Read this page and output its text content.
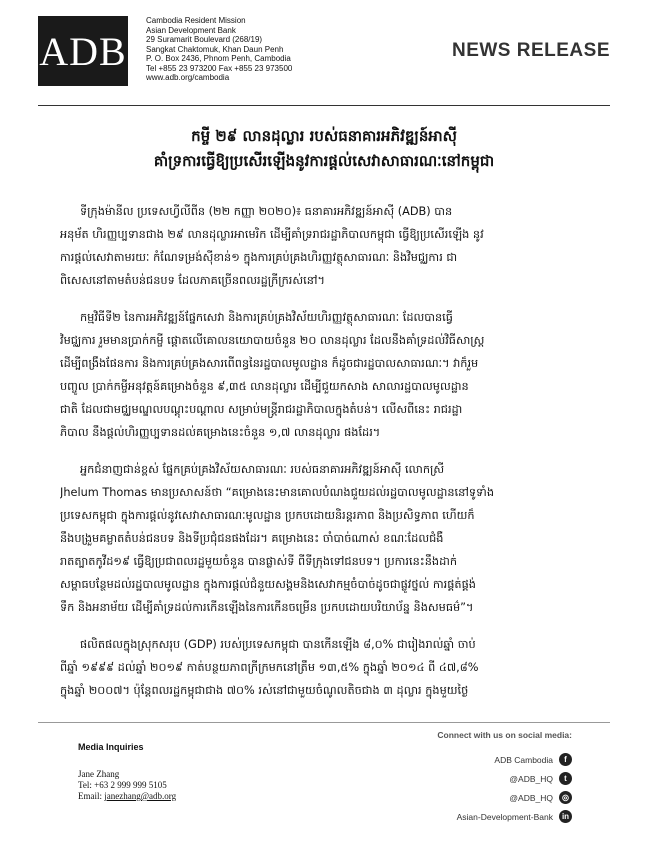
ADB
Cambodia Resident Mission
Asian Development Bank
29 Suramarit Boulevard (268/19)
Sangkat Chaktomuk, Khan Daun Penh
P. O. Box 2436, Phnom Penh, Cambodia
Tel +855 23 973200 Fax +855 23 973500
www.adb.org/cambodia
NEWS RELEASE
កម្ចី ២៩ លានដុល្លារ របស់ធនាគារអភិវឌ្ឍន៍អាស៊ី
គាំទ្រការធ្វើឱ្យប្រសើរឡើងនូវការផ្តល់សេវាសាធារណៈនៅកម្ពុជា
ទីក្រុងម៉ានីល ប្រទេសហ្វីលីពីន (២២ កញ្ញា ២០២០)៖ ធនាគារអភិវឌ្ឍន៍អាស៊ី (ADB) បាន
អនុម័ត ហិរញ្ញប្បទានជាង ២៩ លានដុល្លារអាមេរិក ដើម្បីគាំទ្ររាជរដ្ឋាភិបាលកម្ពុជា ធ្វើឱ្យប្រសើរឡើង នូវ
ការផ្តល់សេវាតាមរយៈ កំណែទម្រង់ស៊ីខាន់១ ក្នុងការគ្រប់គ្រងហិរញ្ញវត្ថុសាធារណៈ និងវិមជ្ឈការ ជា
ពិសេសនៅតាមតំបន់ជនបទ ដែលភាគច្រើនពលរដ្ឋក្រីក្ររស់នៅ។
កម្មវិធីទី២ នៃការអភិវឌ្ឍន៍ផ្នែកសេវា និងការគ្រប់គ្រងវិស័យហិរញ្ញវត្ថុសាធារណៈ ដែលបានធ្វើ
វិមជ្ឈការ រួមមានប្រាក់កម្ចី ផ្តោតលើគោលនយោបាយចំនួន ២០ លានដុល្លារ ដែលនឹងគាំទ្រដល់វិធីសាស្ត្រ
ដើម្បីពង្រឹងផែនការ និងការគ្រប់គ្រងសារពើពន្ធនៃរដ្ឋបាលមូលដ្ឋាន ក៏ដូចជារដ្ឋបាលសាធារណៈ។ វាក៏រួម
បញ្ចូល ប្រាក់កម្ចីអនុវត្តន៍គម្រោងចំនួន ៩,៣៥ លានដុល្លារ ដើម្បីជួយកសាង សាលារដ្ឋបាលមូលដ្ឋាន
ជាតិ ដែលជាមជ្ឈមណ្ឌលបណ្តុះបណ្តាល សម្រាប់មន្ត្រីរាជរដ្ឋាភិបាលក្នុងតំបន់។ លើសពីនេះ រាជរដ្ឋា
ភិបាល នឹងផ្តល់ហិរញ្ញប្បទានដល់គម្រោងនេះចំនួន ១,៧ លានដុល្លារ ផងដែរ។
អ្នកជំនាញជាន់ខ្ពស់ ផ្នែកគ្រប់គ្រងវិស័យសាធារណៈ របស់ធនាគារអភិវឌ្ឍន៍អាស៊ី លោកស្រី
Jhelum Thomas មានប្រសាសន៍ថា “គម្រោងនេះមានគោលបំណងជួយដល់រដ្ឋបាលមូលដ្ឋាននៅទូទាំង
ប្រទេសកម្ពុជា ក្នុងការផ្តល់នូវសេវាសាធារណៈមូលដ្ឋាន ប្រកបដោយនិរន្តរភាព និងប្រសិទ្ធភាព ហើយក៏
នឹងបង្រួមគម្លាតតំបន់ជនបទ និងទីប្រជុំជនផងដែរ។ គម្រោងនេះ ចាំបាច់ណាស់ ខណៈដែលជំងឺ
រាតត្បាតកូវីដ១៩ ធ្វើឱ្យប្រជាពលរដ្ឋមួយចំនួន បានផ្លាស់ទី ពីទីក្រុងទៅជនបទ។ ប្រការនេះនឹងដាក់
សម្ពាធបន្ថែមដល់រដ្ឋបាលមូលដ្ឋាន ក្នុងការផ្តល់ជំនួយសង្គមនិងសេវាកម្មចំបាច់ដូចជាផ្លូវថ្នល់ ការផ្គត់ផ្គង់
ទឹក និងអនាម័យ ដើម្បីគាំទ្រដល់ការកើនឡើងនៃការកើនចម្រើន ប្រកបដោយបរិយាប័ន្ន និងសមធម៌”។
ផលិតផលក្នុងស្រុកសរុប (GDP) របស់ប្រទេសកម្ពុជា បានកើនឡើង ៨,០% ជារៀងរាល់ឆ្នាំ ចាប់
ពីឆ្នាំ ១៩៩៩ ដល់ឆ្នាំ ២០១៩ កាត់បន្ថយភាពក្រីក្រមកនៅត្រឹម ១៣,៥% ក្នុងឆ្នាំ ២០១៤ ពី ៤៧,៨%
ក្នុងឆ្នាំ ២០០៧។ ប៉ុន្តែពលរដ្ឋកម្ពុជាជាង ៧០% រស់នៅជាមួយចំណូលតិចជាង ៣ ដុល្លារ ក្នុងមួយថ្ងៃ
Media Inquiries
Jane Zhang
Tel: +63 2 999 999 5105
Email: janezhang@adb.org
Connect with us on social media:
ADB Cambodia	f
@ADB_HQ	t
@ADB_HQ	◎
Asian-Development-Bank	in
